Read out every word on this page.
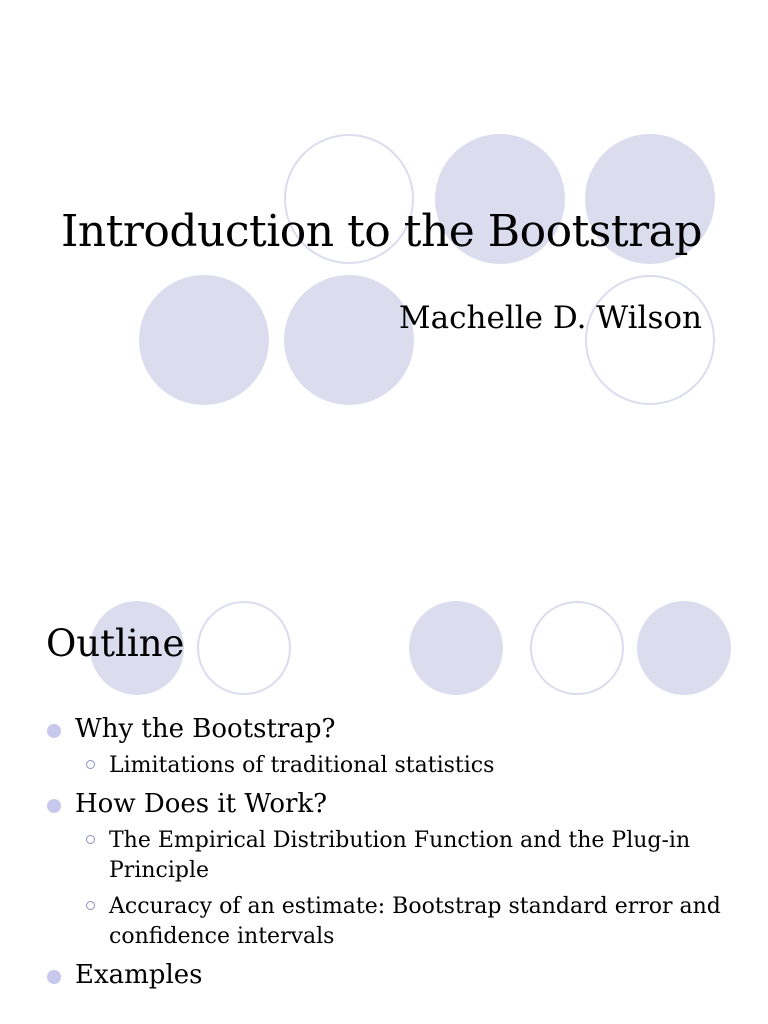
Introduction to the Bootstrap
Machelle D. Wilson
Outline
Why the Bootstrap?
Limitations of traditional statistics
How Does it Work?
The Empirical Distribution Function and the Plug-in Principle
Accuracy of an estimate: Bootstrap standard error and confidence intervals
Examples
